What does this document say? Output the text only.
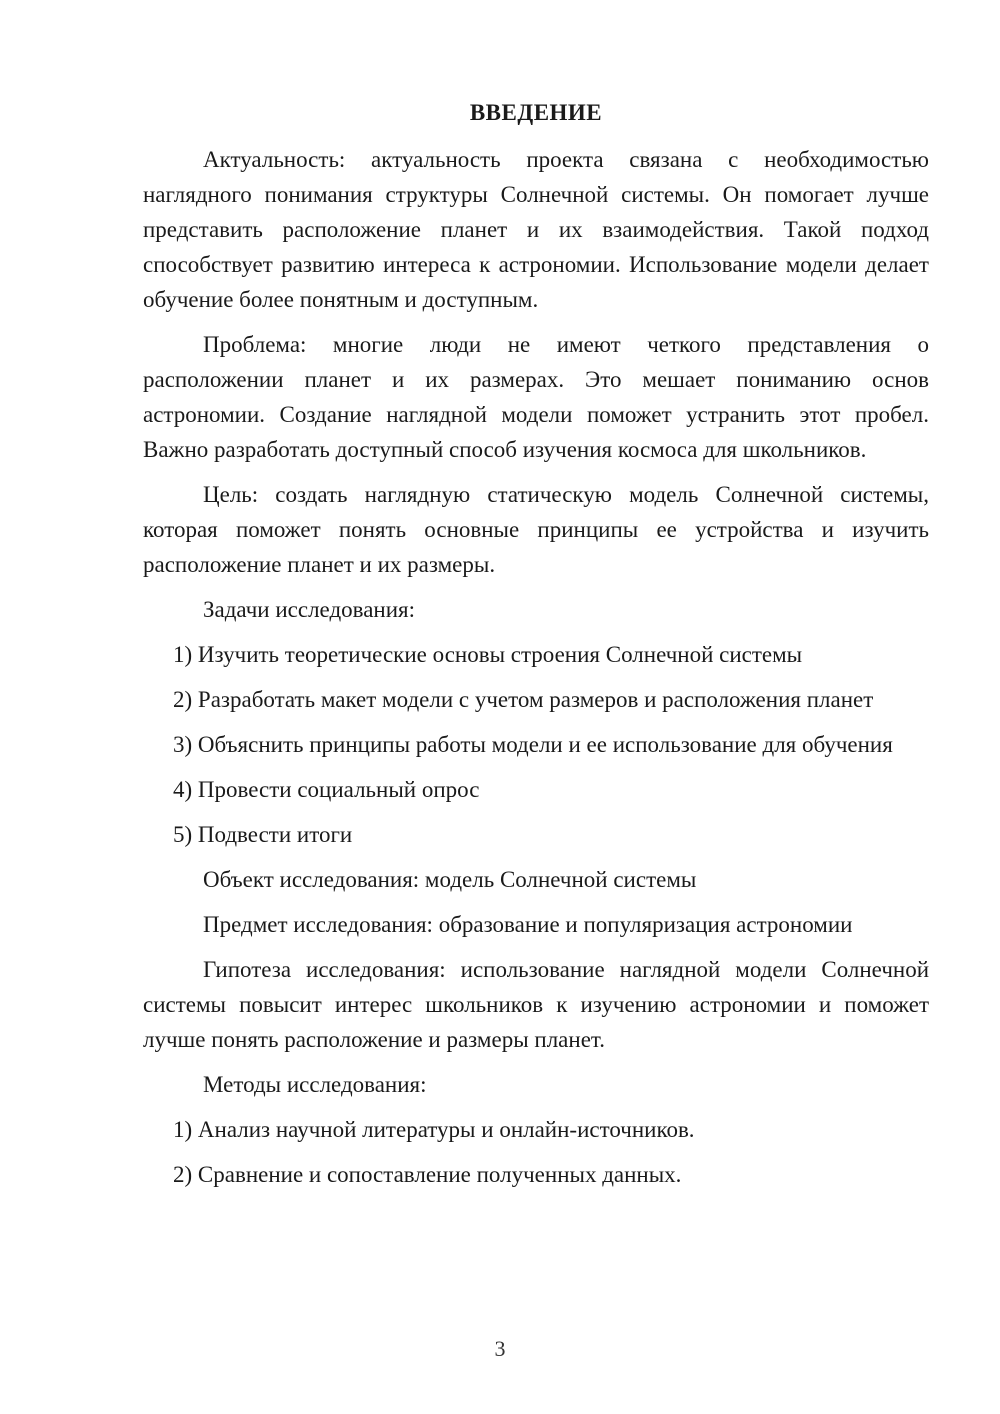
ВВЕДЕНИЕ

Актуальность: актуальность проекта связана с необходимостью наглядного понимания структуры Солнечной системы. Он помогает лучше представить расположение планет и их взаимодействия. Такой подход способствует развитию интереса к астрономии. Использование модели делает обучение более понятным и доступным.

Проблема: многие люди не имеют четкого представления о расположении планет и их размерах. Это мешает пониманию основ астрономии. Создание наглядной модели поможет устранить этот пробел. Важно разработать доступный способ изучения космоса для школьников.

Цель: создать наглядную статическую модель Солнечной системы, которая поможет понять основные принципы ее устройства и изучить расположение планет и их размеры.

Задачи исследования:

1) Изучить теоретические основы строения Солнечной системы

2) Разработать макет модели с учетом размеров и расположения планет

3) Объяснить принципы работы модели и ее использование для обучения

4) Провести социальный опрос

5) Подвести итоги

Объект исследования: модель Солнечной системы

Предмет исследования: образование и популяризация астрономии

Гипотеза исследования: использование наглядной модели Солнечной системы повысит интерес школьников к изучению астрономии и поможет лучше понять расположение и размеры планет.

Методы исследования:

1) Анализ научной литературы и онлайн-источников.

2) Сравнение и сопоставление полученных данных.

3
